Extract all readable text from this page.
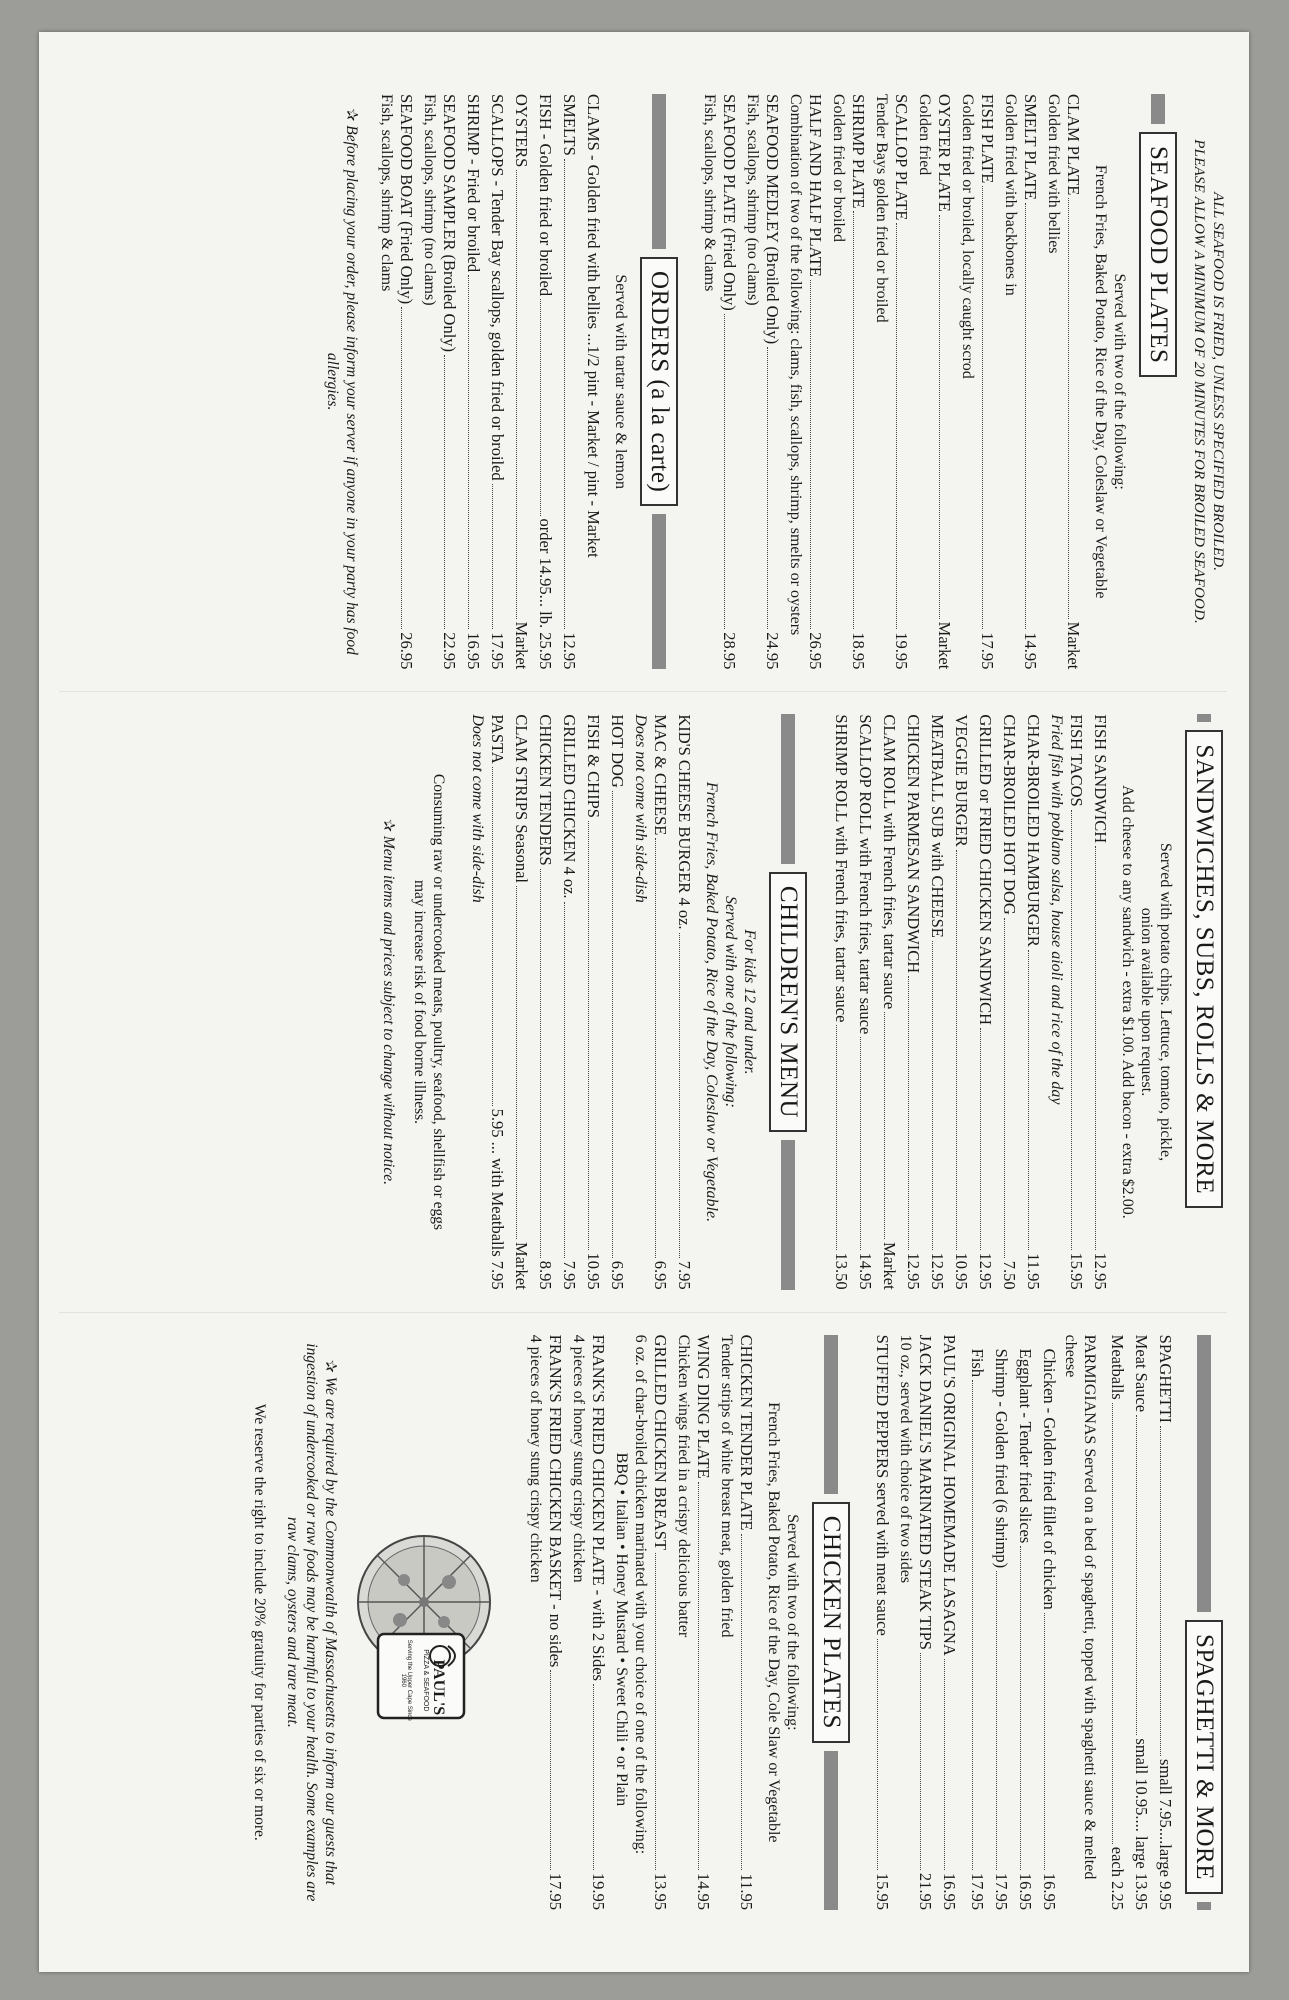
ALL SEAFOOD IS FRIED, UNLESS SPECIFIED BROILED.
PLEASE ALLOW A MINIMUM OF 20 MINUTES FOR BROILED SEAFOOD.
SEAFOOD PLATES
Served with two of the following:
French Fries, Baked Potato, Rice of the Day, Coleslaw or Vegetable
CLAM PLATE
Market
Golden fried with bellies
SMELT PLATE
14.95
Golden fried with backbones in
FISH PLATE
17.95
Golden fried or broiled, locally caught scrod
OYSTER PLATE
Market
Golden fried
SCALLOP PLATE
19.95
Tender Bays golden fried or broiled
SHRIMP PLATE
18.95
Golden fried or broiled
HALF AND HALF PLATE
26.95
Combination of two of the following: clams, fish, scallops, shrimp, smelts or oysters
SEAFOOD MEDLEY (Broiled Only)
24.95
Fish, scallops, shrimp (no clams)
SEAFOOD PLATE (Fried Only)
28.95
Fish, scallops, shrimp & clams
ORDERS (a la carte)
Served with tartar sauce & lemon
CLAMS - Golden fried with bellies ...1/2 pint - Market / pint - Market
SMELTS
12.95
FISH - Golden fried or broiled
order 14.95... lb. 25.95
OYSTERS
Market
SCALLOPS - Tender Bay scallops, golden fried or broiled
17.95
SHRIMP - Fried or broiled
16.95
SEAFOOD SAMPLER (Broiled Only)
22.95
Fish, scallops, shrimp (no clams)
SEAFOOD BOAT (Fried Only)
26.95
Fish, scallops, shrimp & clams
✰ Before placing your order, please inform your server if anyone in your party has food allergies.
SANDWICHES, SUBS, ROLLS & MORE
Served with potato chips. Lettuce, tomato, pickle,
onion available upon request.
Add cheese to any sandwich - extra $1.00. Add bacon - extra $2.00.
FISH SANDWICH
12.95
FISH TACOS
15.95
Fried fish with poblano salsa, house aioli and rice of the day
CHAR-BROILED HAMBURGER
11.95
CHAR-BROILED HOT DOG
7.50
GRILLED or FRIED CHICKEN SANDWICH
12.95
VEGGIE BURGER
10.95
MEATBALL SUB with CHEESE
12.95
CHICKEN PARMESAN SANDWICH
12.95
CLAM ROLL with French fries, tartar sauce
Market
SCALLOP ROLL with French fries, tartar sauce
14.95
SHRIMP ROLL with French fries, tartar sauce
13.50
CHILDREN'S MENU
For kids 12 and under.
Served with one of the following:
French Fries, Baked Potato, Rice of the Day, Coleslaw or Vegetable.
KID'S CHEESE BURGER 4 oz.
7.95
MAC & CHEESE
6.95
Does not come with side-dish
HOT DOG
6.95
FISH & CHIPS
10.95
GRILLED CHICKEN 4 oz.
7.95
CHICKEN TENDERS
8.95
CLAM STRIPS Seasonal
Market
PASTA
5.95 ... with Meatballs 7.95
Does not come with side-dish
Consuming raw or undercooked meats, poultry, seafood, shellfish or eggs
may increase risk of food borne illness.
✰ Menu items and prices subject to change without notice.
SPAGHETTI & MORE
SPAGHETTI
small 7.95....large 9.95
Meat Sauce
small 10.95.... large 13.95
Meatballs
each 2.25
PARMIGIANAS Served on a bed of spaghetti, topped with spaghetti sauce & melted cheese
Chicken - Golden fried fillet of chicken
16.95
Eggplant - Tender fried slices
16.95
Shrimp - Golden fried (6 shrimp)
17.95
Fish
17.95
PAUL'S ORIGINAL HOMEMADE LASAGNA
16.95
JACK DANIEL'S MARINATED STEAK TIPS
21.95
10 oz., served with choice of two sides
STUFFED PEPPERS served with meat sauce
15.95
CHICKEN PLATES
Served with two of the following:
French Fries, Baked Potato, Rice of the Day, Cole Slaw or Vegetable
CHICKEN TENDER PLATE
11.95
Tender strips of white breast meat, golden fried
WING DING PLATE
14.95
Chicken wings fried in a crispy delicious batter
GRILLED CHICKEN BREAST
13.95
6 oz. of char-broiled chicken marinated with your choice of one of the following:
BBQ • Italian • Honey Mustard • Sweet Chili • or Plain
FRANK'S FRIED CHICKEN PLATE - with 2 Sides
19.95
4 pieces of honey stung crispy chicken
FRANK'S FRIED CHICKEN BASKET - no sides
17.95
4 pieces of honey stung crispy chicken
PAUL'S
PIZZA & SEAFOOD
Serving the Upper Cape Since 1960
✰ We are required by the Commonwealth of Massachusetts to inform our guests that ingestion of undercooked or raw foods may be harmful to your health. Some examples are raw clams, oysters and rare meat.
We reserve the right to include 20% gratuity for parties of six or more.
